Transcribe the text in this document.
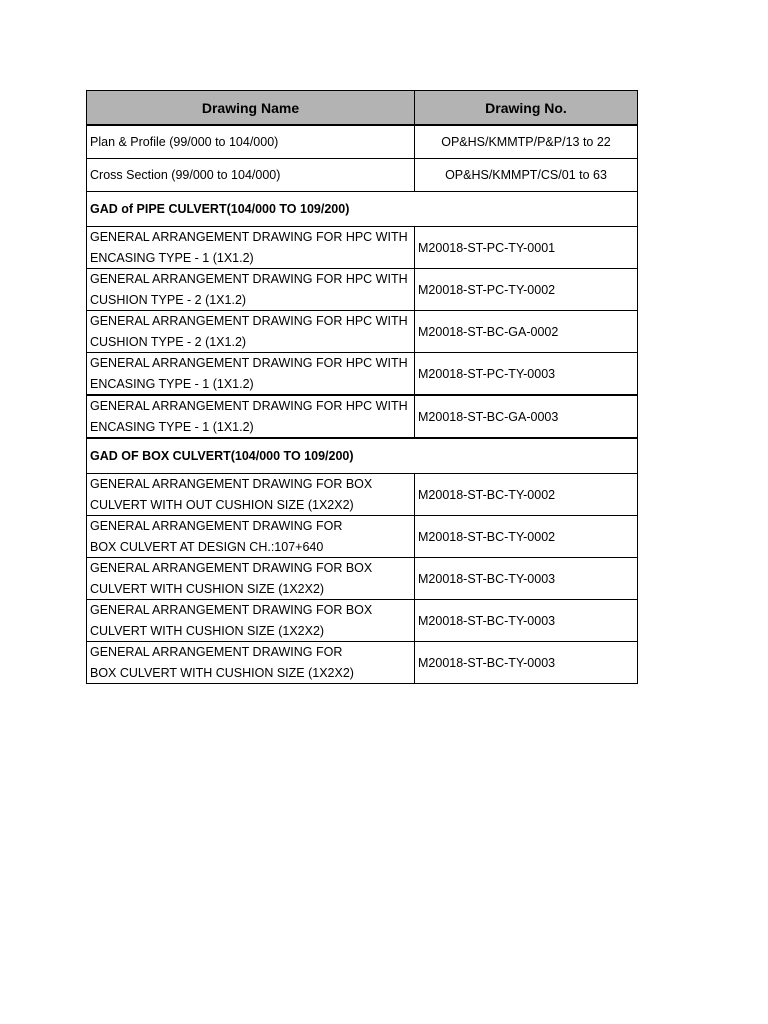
Drawing Name	Drawing No.
Plan & Profile (99/000 to 104/000)	OP&HS/KMMTP/P&P/13 to 22
Cross Section (99/000 to 104/000)	OP&HS/KMMPT/CS/01 to 63
GAD of PIPE CULVERT(104/000 TO 109/200)	

GENERAL ARRANGEMENT DRAWING FOR HPC WITH
ENCASING TYPE - 1 (1X1.2)	M20018-ST-PC-TY-0001

GENERAL ARRANGEMENT DRAWING FOR HPC WITH
CUSHION TYPE - 2 (1X1.2)	M20018-ST-PC-TY-0002

GENERAL ARRANGEMENT DRAWING FOR HPC WITH
CUSHION TYPE - 2 (1X1.2)	M20018-ST-BC-GA-0002

GENERAL ARRANGEMENT DRAWING FOR HPC WITH
ENCASING TYPE - 1 (1X1.2)	M20018-ST-PC-TY-0003

GENERAL ARRANGEMENT DRAWING FOR HPC WITH
ENCASING TYPE - 1 (1X1.2)	M20018-ST-BC-GA-0003
GAD OF BOX CULVERT(104/000 TO 109/200)	

GENERAL ARRANGEMENT DRAWING FOR BOX
CULVERT WITH OUT CUSHION SIZE (1X2X2)	M20018-ST-BC-TY-0002

GENERAL ARRANGEMENT DRAWING FOR
BOX CULVERT AT DESIGN CH.:107+640	M20018-ST-BC-TY-0002

GENERAL ARRANGEMENT DRAWING FOR BOX
CULVERT WITH CUSHION SIZE (1X2X2)	M20018-ST-BC-TY-0003

GENERAL ARRANGEMENT DRAWING FOR BOX
CULVERT WITH CUSHION SIZE (1X2X2)	M20018-ST-BC-TY-0003

GENERAL ARRANGEMENT DRAWING FOR
BOX CULVERT WITH CUSHION SIZE (1X2X2)	M20018-ST-BC-TY-0003
